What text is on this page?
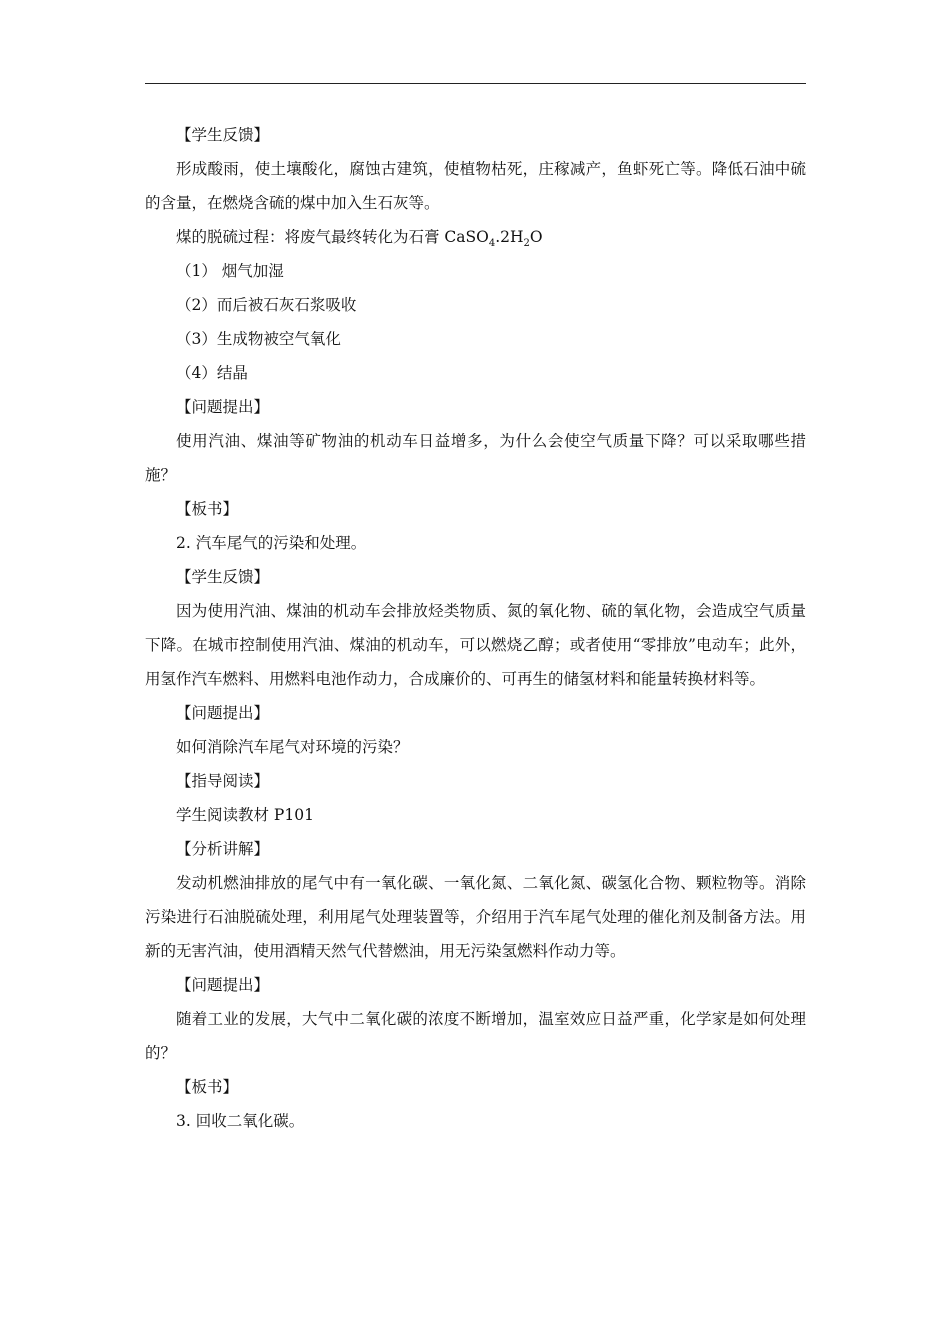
【学生反馈】

形成酸雨，使土壤酸化，腐蚀古建筑，使植物枯死，庄稼减产，鱼虾死亡等。降低石油中硫的含量，在燃烧含硫的煤中加入生石灰等。

煤的脱硫过程：将废气最终转化为石膏 $CaSO_4.2H_2O$

（1） 烟气加湿

（2）而后被石灰石浆吸收

（3）生成物被空气氧化

（4）结晶

【问题提出】

使用汽油、煤油等矿物油的机动车日益增多，为什么会使空气质量下降？可以采取哪些措施？

【板书】

2. 汽车尾气的污染和处理。

【学生反馈】

因为使用汽油、煤油的机动车会排放烃类物质、氮的氧化物、硫的氧化物，会造成空气质量下降。在城市控制使用汽油、煤油的机动车，可以燃烧乙醇；或者使用“零排放”电动车；此外，用氢作汽车燃料、用燃料电池作动力，合成廉价的、可再生的储氢材料和能量转换材料等。

【问题提出】

如何消除汽车尾气对环境的污染？

【指导阅读】

学生阅读教材 P101

【分析讲解】

发动机燃油排放的尾气中有一氧化碳、一氧化氮、二氧化氮、碳氢化合物、颗粒物等。消除污染进行石油脱硫处理，利用尾气处理装置等，介绍用于汽车尾气处理的催化剂及制备方法。用新的无害汽油，使用酒精天然气代替燃油，用无污染氢燃料作动力等。

【问题提出】

随着工业的发展，大气中二氧化碳的浓度不断增加，温室效应日益严重，化学家是如何处理的？

【板书】

3. 回收二氧化碳。
